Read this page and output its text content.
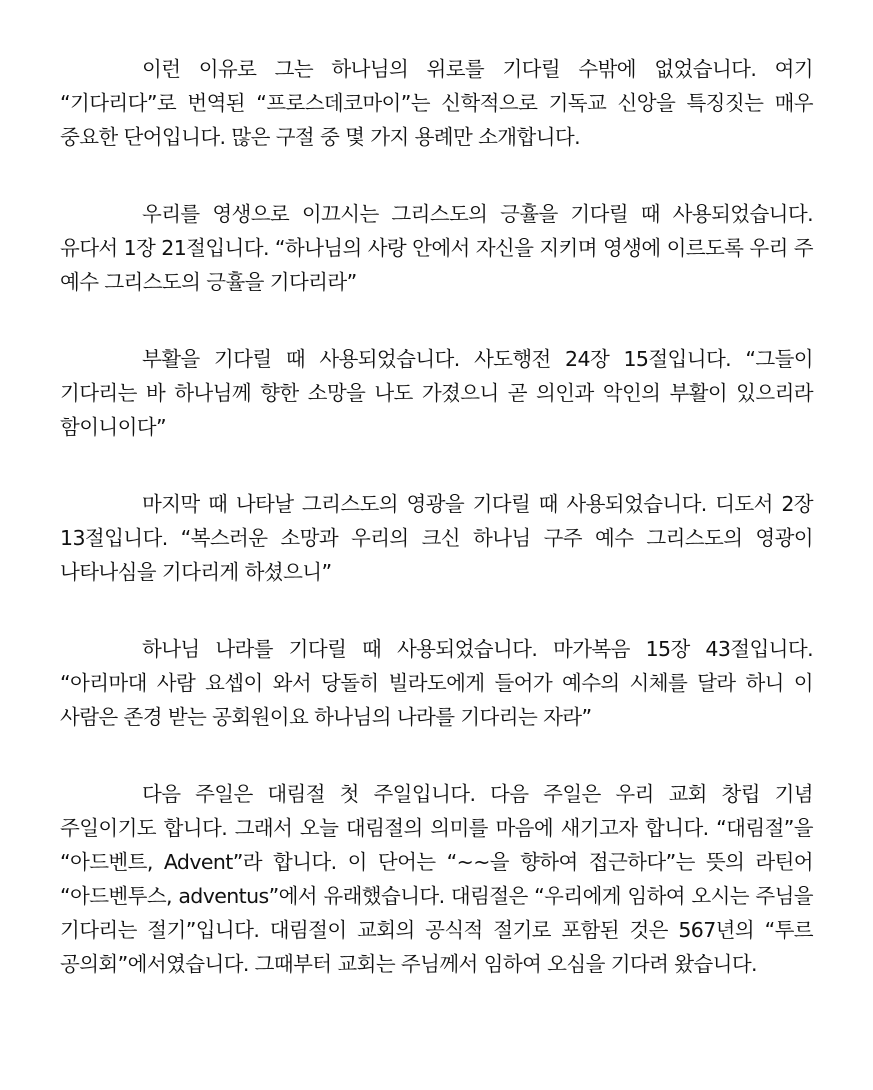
이런 이유로 그는 하나님의 위로를 기다릴 수밖에 없었습니다. 여기 “기다리다”로 번역된 “프로스데코마이”는 신학적으로 기독교 신앙을 특징짓는 매우 중요한 단어입니다. 많은 구절 중 몇 가지 용례만 소개합니다.

우리를 영생으로 이끄시는 그리스도의 긍휼을 기다릴 때 사용되었습니다. 유다서 1장 21절입니다. “하나님의 사랑 안에서 자신을 지키며 영생에 이르도록 우리 주 예수 그리스도의 긍휼을 기다리라”

부활을 기다릴 때 사용되었습니다. 사도행전 24장 15절입니다. “그들이 기다리는 바 하나님께 향한 소망을 나도 가졌으니 곧 의인과 악인의 부활이 있으리라 함이니이다”

마지막 때 나타날 그리스도의 영광을 기다릴 때 사용되었습니다. 디도서 2장 13절입니다. “복스러운 소망과 우리의 크신 하나님 구주 예수 그리스도의 영광이 나타나심을 기다리게 하셨으니”

하나님 나라를 기다릴 때 사용되었습니다. 마가복음 15장 43절입니다. “아리마대 사람 요셉이 와서 당돌히 빌라도에게 들어가 예수의 시체를 달라 하니 이 사람은 존경 받는 공회원이요 하나님의 나라를 기다리는 자라”

다음 주일은 대림절 첫 주일입니다. 다음 주일은 우리 교회 창립 기념 주일이기도 합니다. 그래서 오늘 대림절의 의미를 마음에 새기고자 합니다. “대림절”을 “아드벤트, Advent”라 합니다. 이 단어는 “~~을 향하여 접근하다”는 뜻의 라틴어 “아드벤투스, adventus”에서 유래했습니다. 대림절은 “우리에게 임하여 오시는 주님을 기다리는 절기”입니다. 대림절이 교회의 공식적 절기로 포함된 것은 567년의 “투르 공의회”에서였습니다. 그때부터 교회는 주님께서 임하여 오심을 기다려 왔습니다.
